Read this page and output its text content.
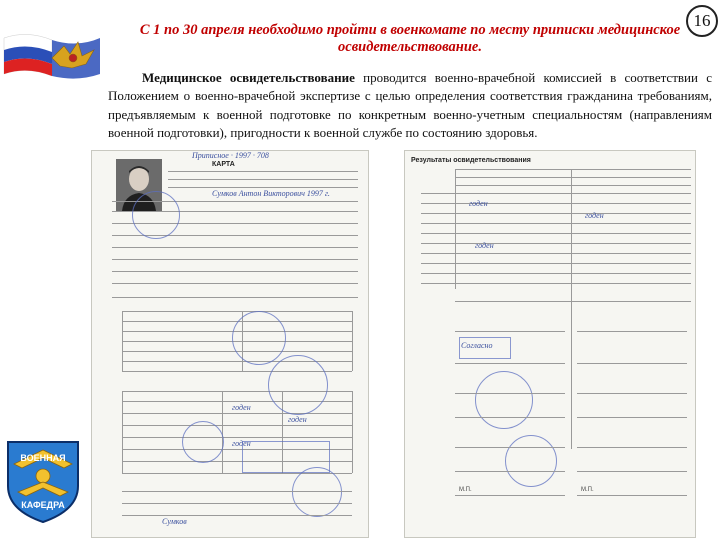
16
С 1 по 30 апреля необходимо пройти в военкомате по месту приписки медицинское освидетельствование.
Медицинское освидетельствование проводится военно-врачебной комиссией в соответствии с Положением о военно-врачебной экспертизе с целью определения соответствия гражданина требованиям, предъявляемым к военной подготовке по конкретным военно-учетным специальностям (направлениям военной подготовки), пригодности к военной службе по состоянию здоровья.
КАРТА
Приписное · 1997 · 708
Сумков Антон Викторович 1997 г.
годен
годен
годен
Сумков
Результаты освидетельствования
годен
годен
годен
Согласно
М.П.	М.П.
ВОЕННАЯ
КАФЕДРА
